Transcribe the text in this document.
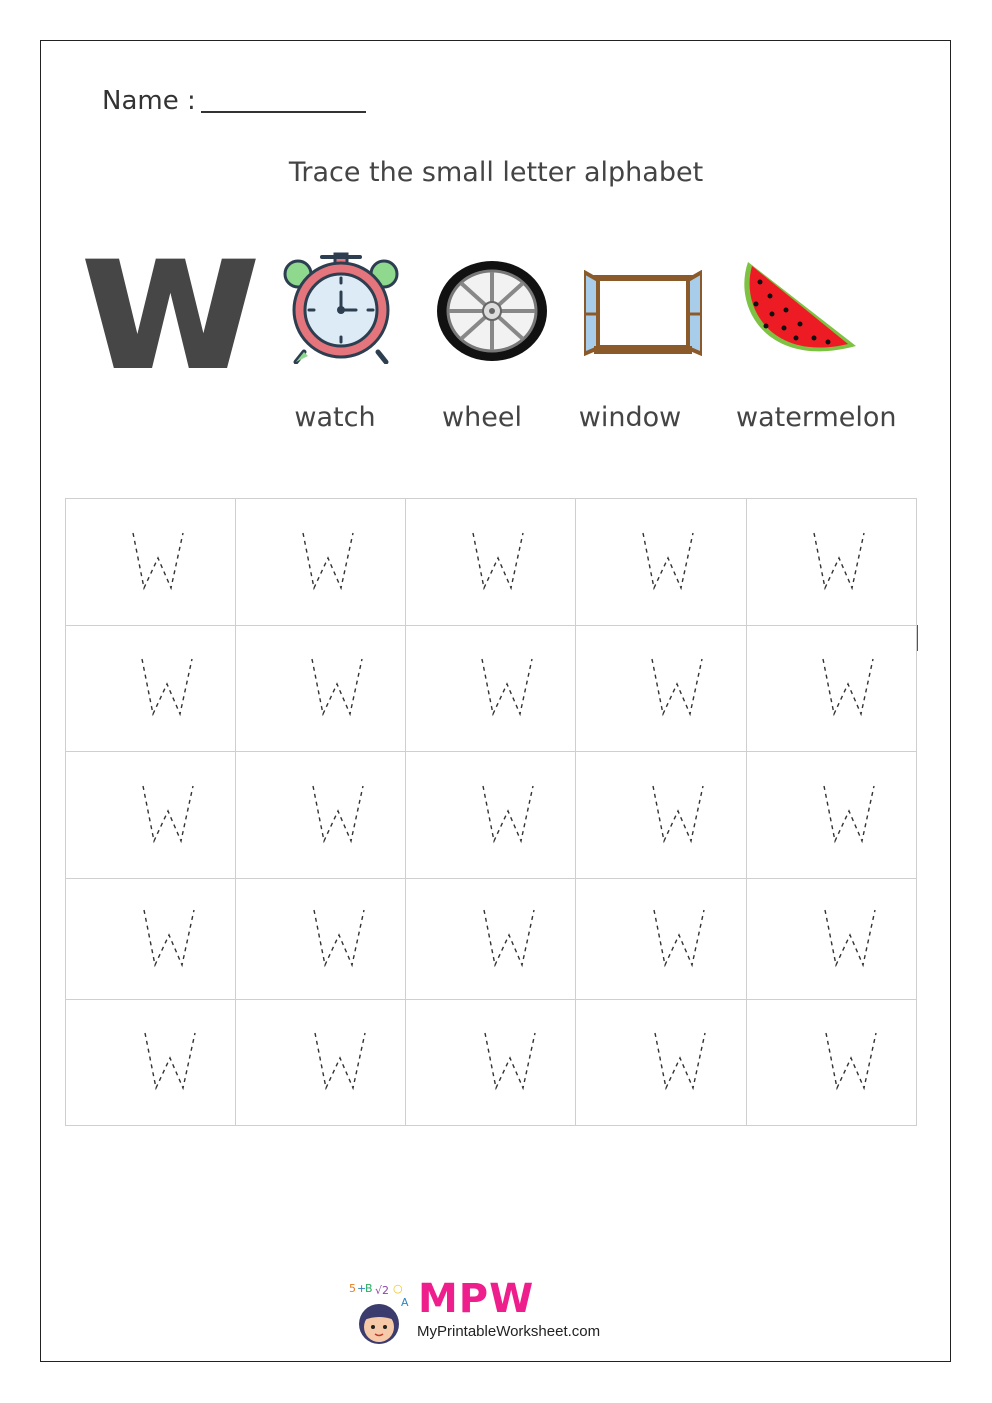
Name :
Trace the small letter alphabet
w
watch	wheel	window watermelon
5 +
B √2 ○
A MPW
MyPrintableWorksheet.com
